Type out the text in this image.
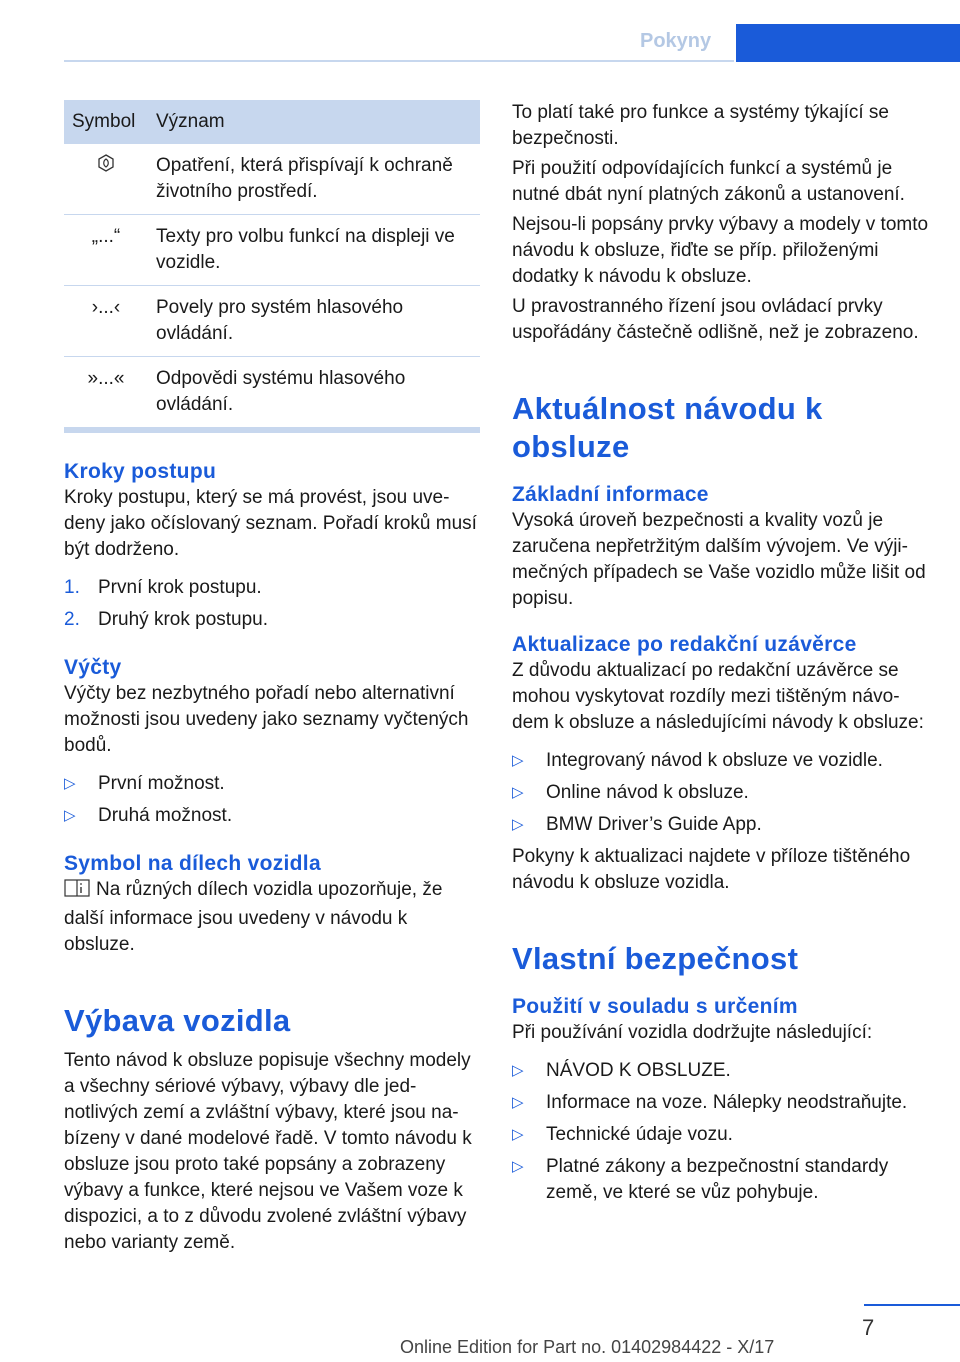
Pokyny
Symbol	Význam
	Opatření, která přispívají k ochraně životního prostředí.
„...“	Texty pro volbu funkcí na displeji ve vozidle.
›...‹	Povely pro systém hlasového ovládání.
»...«	Odpovědi systému hlasového ovládání.
Kroky postupu

Kroky postupu, který se má provést, jsou uvedeny jako očíslovaný seznam. Pořadí kroků musí být dodrženo.

1. První krok postupu.
2. Druhý krok postupu.
Výčty

Výčty bez nezbytného pořadí nebo alternativní možnosti jsou uvedeny jako seznamy vyčtených bodů.

▷ První možnost.
▷ Druhá možnost.
Symbol na dílech vozidla

Na různých dílech vozidla upozorňuje, že další informace jsou uvedeny v návodu k obsluze.

Výbava vozidla

Tento návod k obsluze popisuje všechny modely a všechny sériové výbavy, výbavy dle jednotlivých zemí a zvláštní výbavy, které jsou nabízeny v dané modelové řadě. V tomto návodu k obsluze jsou proto také popsány a zobrazeny výbavy a funkce, které nejsou ve Vašem voze k dispozici, a to z důvodu zvolené zvláštní výbavy nebo varianty země.

To platí také pro funkce a systémy týkající se bezpečnosti.

Při použití odpovídajících funkcí a systémů je nutné dbát nyní platných zákonů a ustanovení.

Nejsou-li popsány prvky výbavy a modely v tomto návodu k obsluze, řiďte se příp. přiloženými dodatky k návodu k obsluze.

U pravostranného řízení jsou ovládací prvky uspořádány částečně odlišně, než je zobrazeno.

Aktuálnost návodu k obsluze
Základní informace

Vysoká úroveň bezpečnosti a kvality vozů je zaručena nepřetržitým dalším vývojem. Ve výjimečných případech se Vaše vozidlo může lišit od popisu.

Aktualizace po redakční uzávěrce

Z důvodu aktualizací po redakční uzávěrce se mohou vyskytovat rozdíly mezi tištěným návodem k obsluze a následujícími návody k obsluze:

▷ Integrovaný návod k obsluze ve vozidle.
▷ Online návod k obsluze.
▷ BMW Driver’s Guide App.

Pokyny k aktualizaci najdete v příloze tištěného návodu k obsluze vozidla.

Vlastní bezpečnost
Použití v souladu s určením

Při používání vozidla dodržujte následující:

▷ NÁVOD K OBSLUZE.
▷ Informace na voze. Nálepky neodstraňujte.
▷ Technické údaje vozu.
▷ Platné zákony a bezpečnostní standardy země, ve které se vůz pohybuje.
7
Online Edition for Part no. 01402984422 - X/17
